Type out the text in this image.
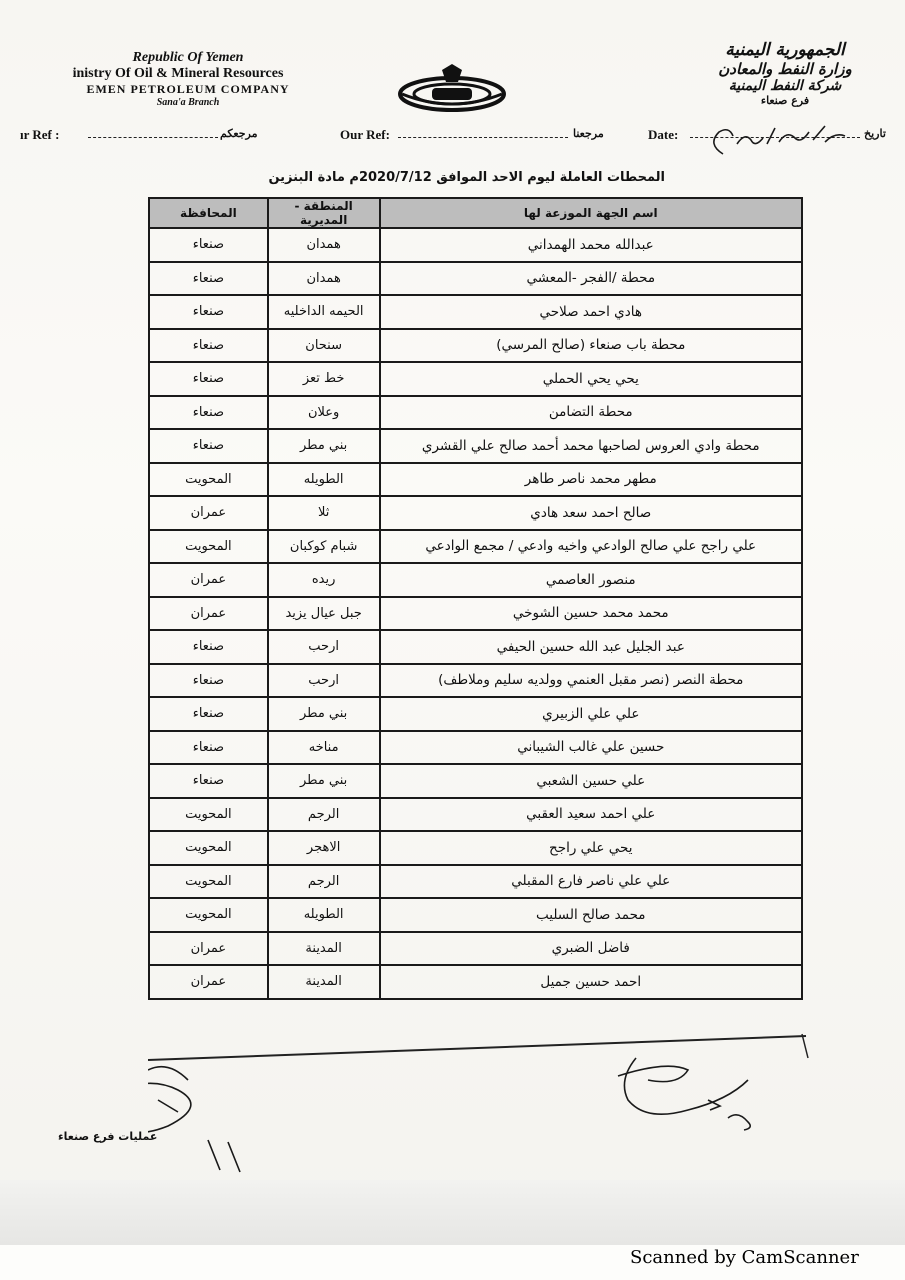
Republic Of Yemen
inistry Of Oil & Mineral Resources
EMEN PETROLEUM COMPANY
Sana'a Branch
الجمهورية اليمنية
وزارة النفط والمعادن
شركة النفط اليمنية
فرع صنعاء
ır Ref :	مرجعكم	Our Ref:	مرجعنا	Date:	تاريخ
المحطات العاملة ليوم الاحد الموافق 2020/7/12م مادة البنزين
اسم الجهة الموزعة لها	المنطقة - المديرية	المحافظة
عبدالله محمد الهمداني	همدان	صنعاء
محطة /الفجر -المعشي	همدان	صنعاء
هادي احمد صلاحي	الحيمه الداخليه	صنعاء
محطة باب صنعاء (صالح المرسي)	سنحان	صنعاء
يحي يحي الحملي	خط تعز	صنعاء
محطة التضامن	وعلان	صنعاء
محطة وادي العروس لصاحبها محمد أحمد صالح علي القشري	بني مطر	صنعاء
مطهر محمد ناصر طاهر	الطويله	المحويت
صالح احمد سعد هادي	ثلا	عمران
علي راجح علي صالح الوادعي واخيه وادعي / مجمع الوادعي	شبام كوكبان	المحويت
منصور العاصمي	ريده	عمران
محمد محمد حسين الشوخي	جبل عيال يزيد	عمران
عبد الجليل عبد الله حسين الحيفي	ارحب	صنعاء
محطة النصر (نصر مقبل العنمي وولديه سليم وملاطف)	ارحب	صنعاء
علي علي الزبيري	بني مطر	صنعاء
حسين علي غالب الشيباني	مناخه	صنعاء
علي حسين الشعبي	بني مطر	صنعاء
علي احمد سعيد العقبي	الرجم	المحويت
يحي علي راجح	الاهجر	المحويت
علي علي ناصر فارع المقبلي	الرجم	المحويت
محمد صالح السليب	الطويله	المحويت
فاضل الضبري	المدينة	عمران
احمد حسين جميل	المدينة	عمران
عمليات فرع صنعاء
Scanned by CamScanner
